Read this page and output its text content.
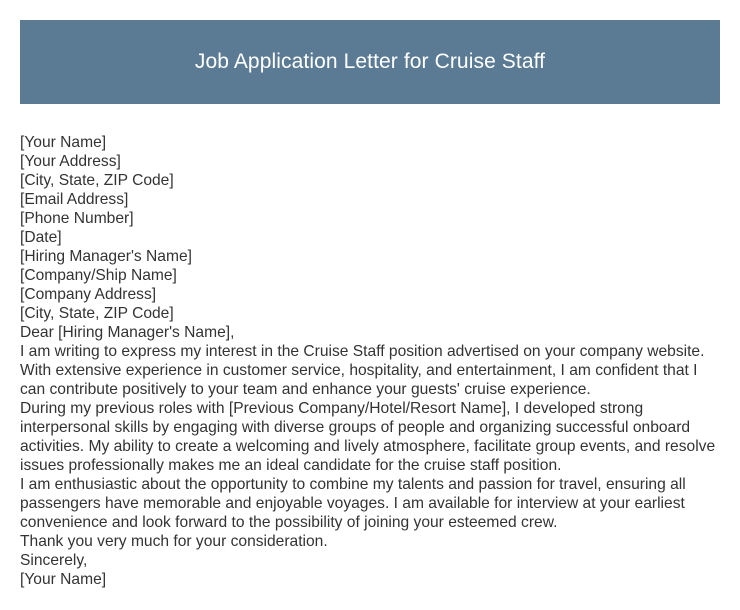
Job Application Letter for Cruise Staff
[Your Name]
[Your Address]
[City, State, ZIP Code]
[Email Address]
[Phone Number]
[Date]
[Hiring Manager's Name]
[Company/Ship Name]
[Company Address]
[City, State, ZIP Code]
Dear [Hiring Manager's Name],

I am writing to express my interest in the Cruise Staff position advertised on your company website. With extensive experience in customer service, hospitality, and entertainment, I am confident that I can contribute positively to your team and enhance your guests' cruise experience.

During my previous roles with [Previous Company/Hotel/Resort Name], I developed strong interpersonal skills by engaging with diverse groups of people and organizing successful onboard activities. My ability to create a welcoming and lively atmosphere, facilitate group events, and resolve issues professionally makes me an ideal candidate for the cruise staff position.

I am enthusiastic about the opportunity to combine my talents and passion for travel, ensuring all passengers have memorable and enjoyable voyages. I am available for interview at your earliest convenience and look forward to the possibility of joining your esteemed crew.

Thank you very much for your consideration.

Sincerely,
[Your Name]
